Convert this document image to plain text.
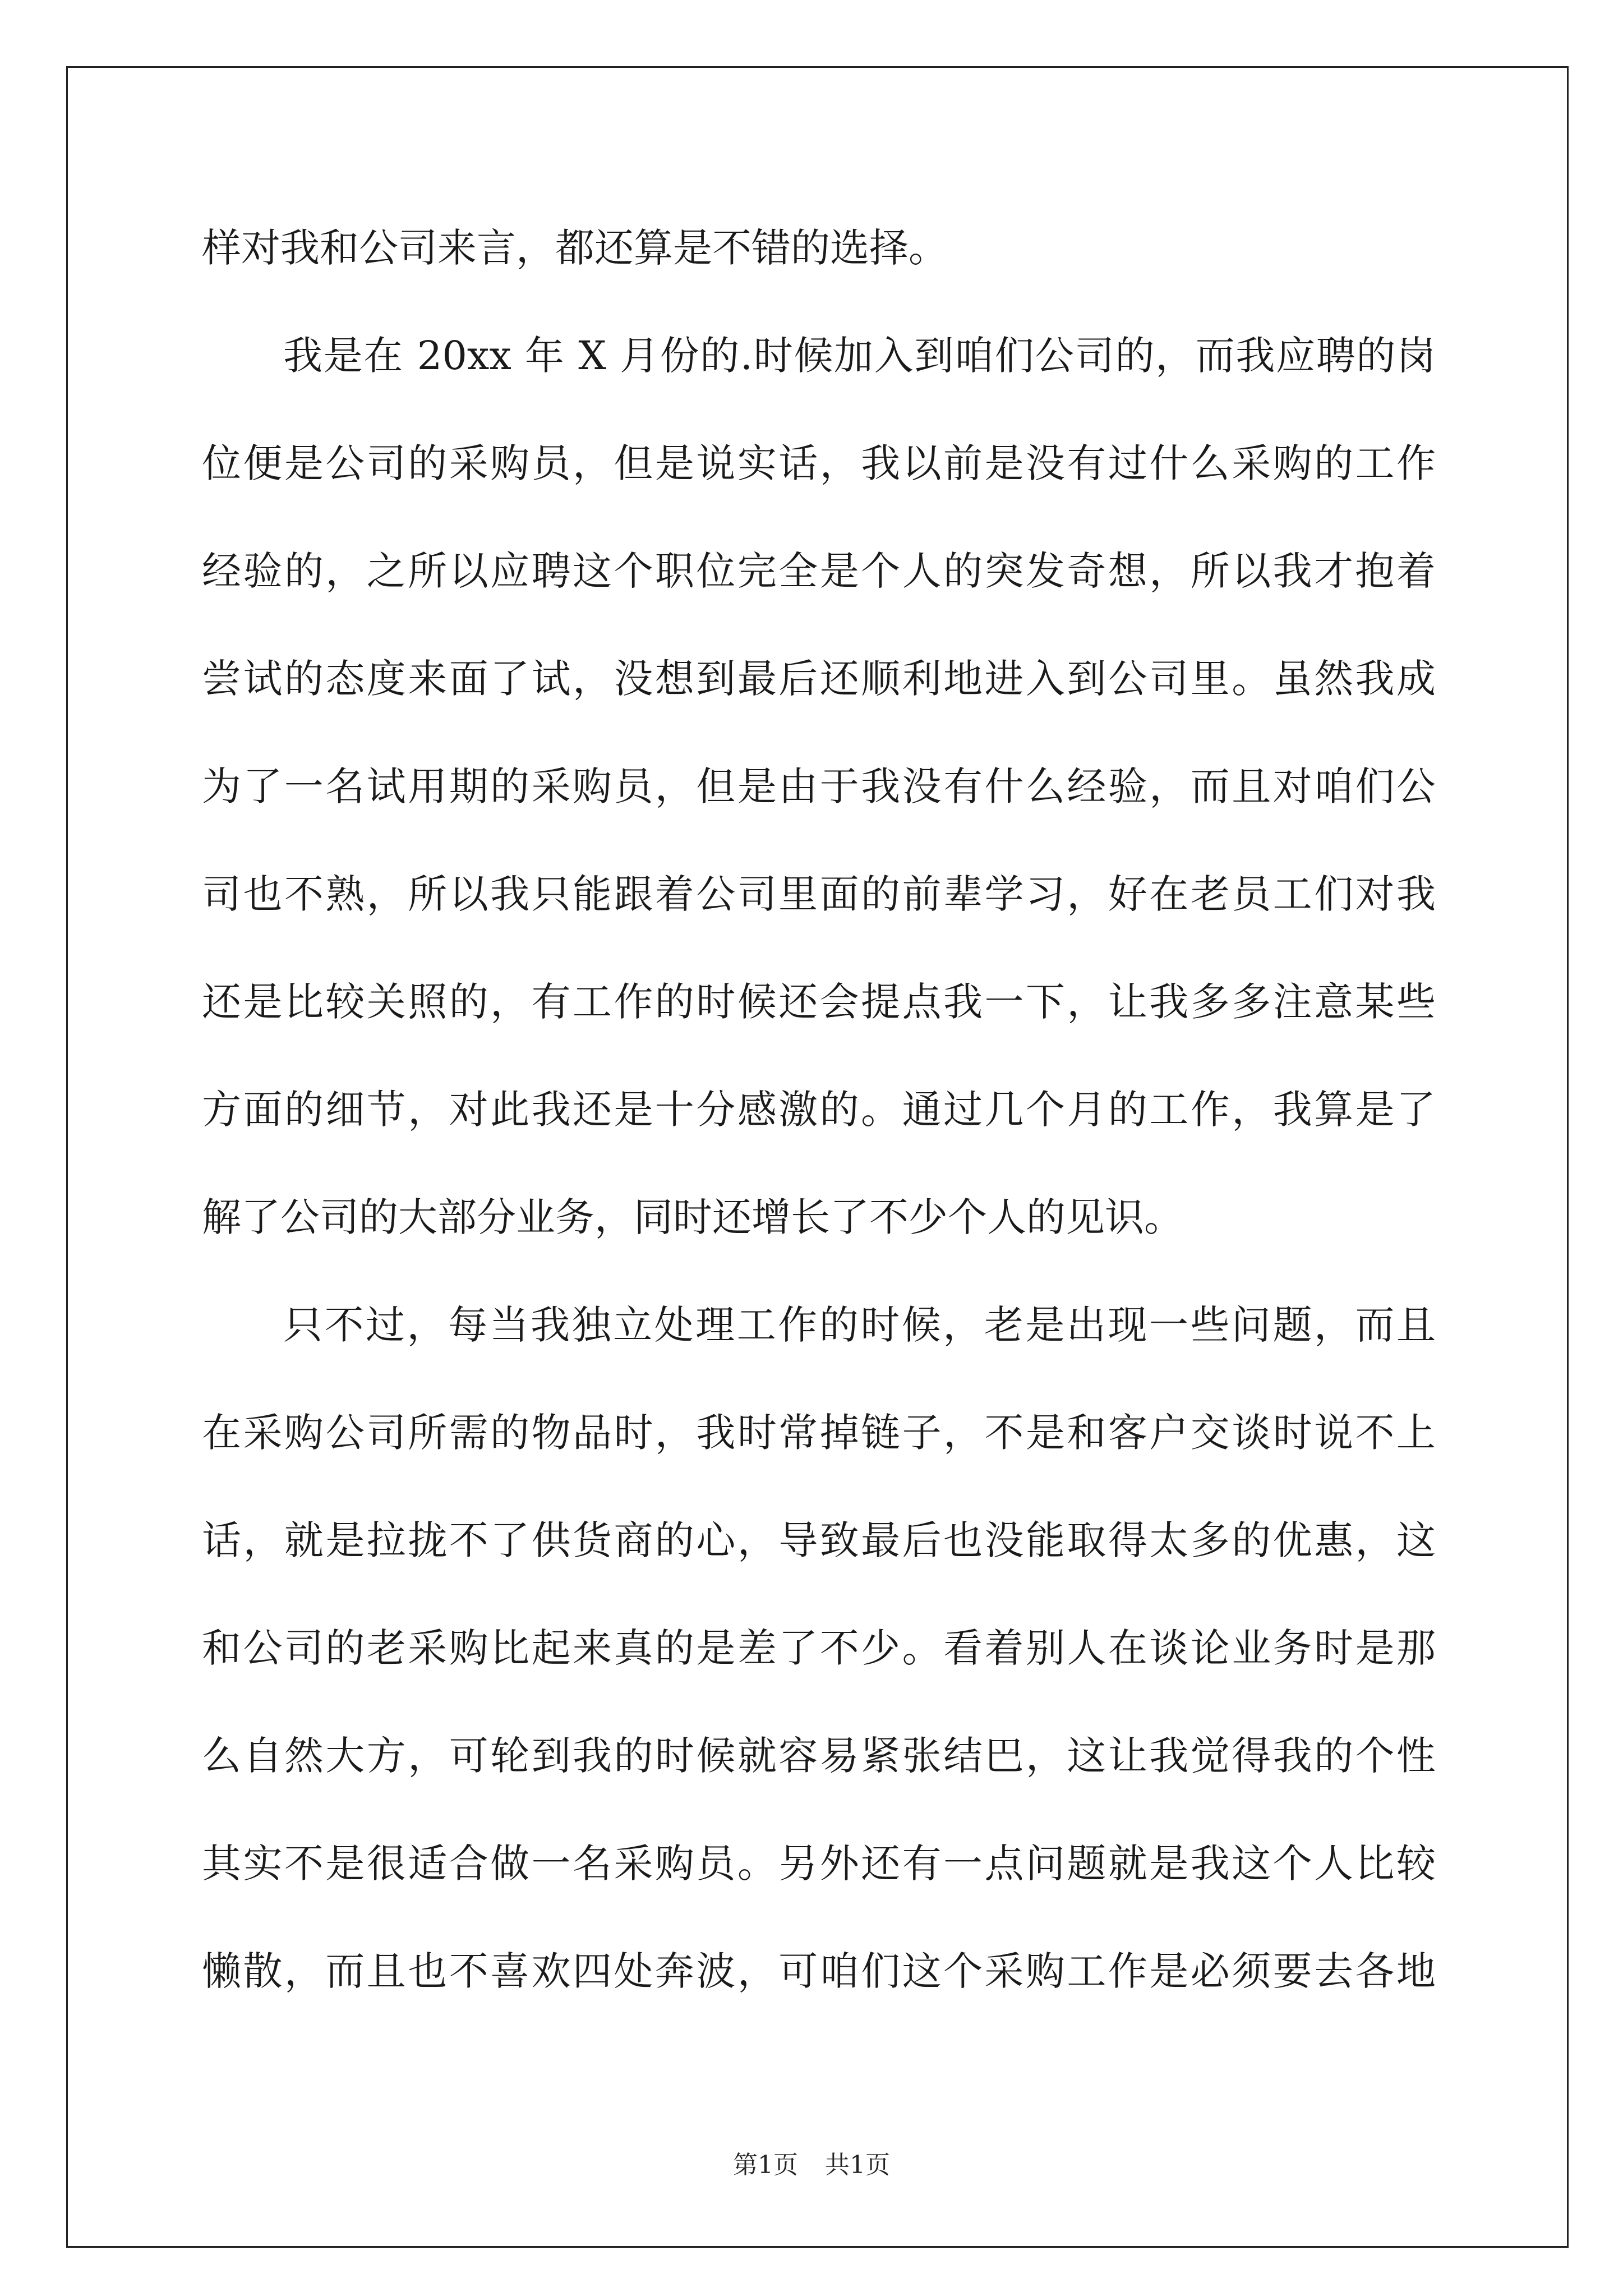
样对我和公司来言，都还算是不错的选择。
我是在 20xx 年 X 月份的.时候加入到咱们公司的，而我应聘的岗
位便是公司的采购员，但是说实话，我以前是没有过什么采购的工作
经验的，之所以应聘这个职位完全是个人的突发奇想，所以我才抱着
尝试的态度来面了试，没想到最后还顺利地进入到公司里。虽然我成
为了一名试用期的采购员，但是由于我没有什么经验，而且对咱们公
司也不熟，所以我只能跟着公司里面的前辈学习，好在老员工们对我
还是比较关照的，有工作的时候还会提点我一下，让我多多注意某些
方面的细节，对此我还是十分感激的。通过几个月的工作，我算是了
解了公司的大部分业务，同时还增长了不少个人的见识。
只不过，每当我独立处理工作的时候，老是出现一些问题，而且
在采购公司所需的物品时，我时常掉链子，不是和客户交谈时说不上
话，就是拉拢不了供货商的心，导致最后也没能取得太多的优惠，这
和公司的老采购比起来真的是差了不少。看着别人在谈论业务时是那
么自然大方，可轮到我的时候就容易紧张结巴，这让我觉得我的个性
其实不是很适合做一名采购员。另外还有一点问题就是我这个人比较
懒散，而且也不喜欢四处奔波，可咱们这个采购工作是必须要去各地
第1页 共1页
